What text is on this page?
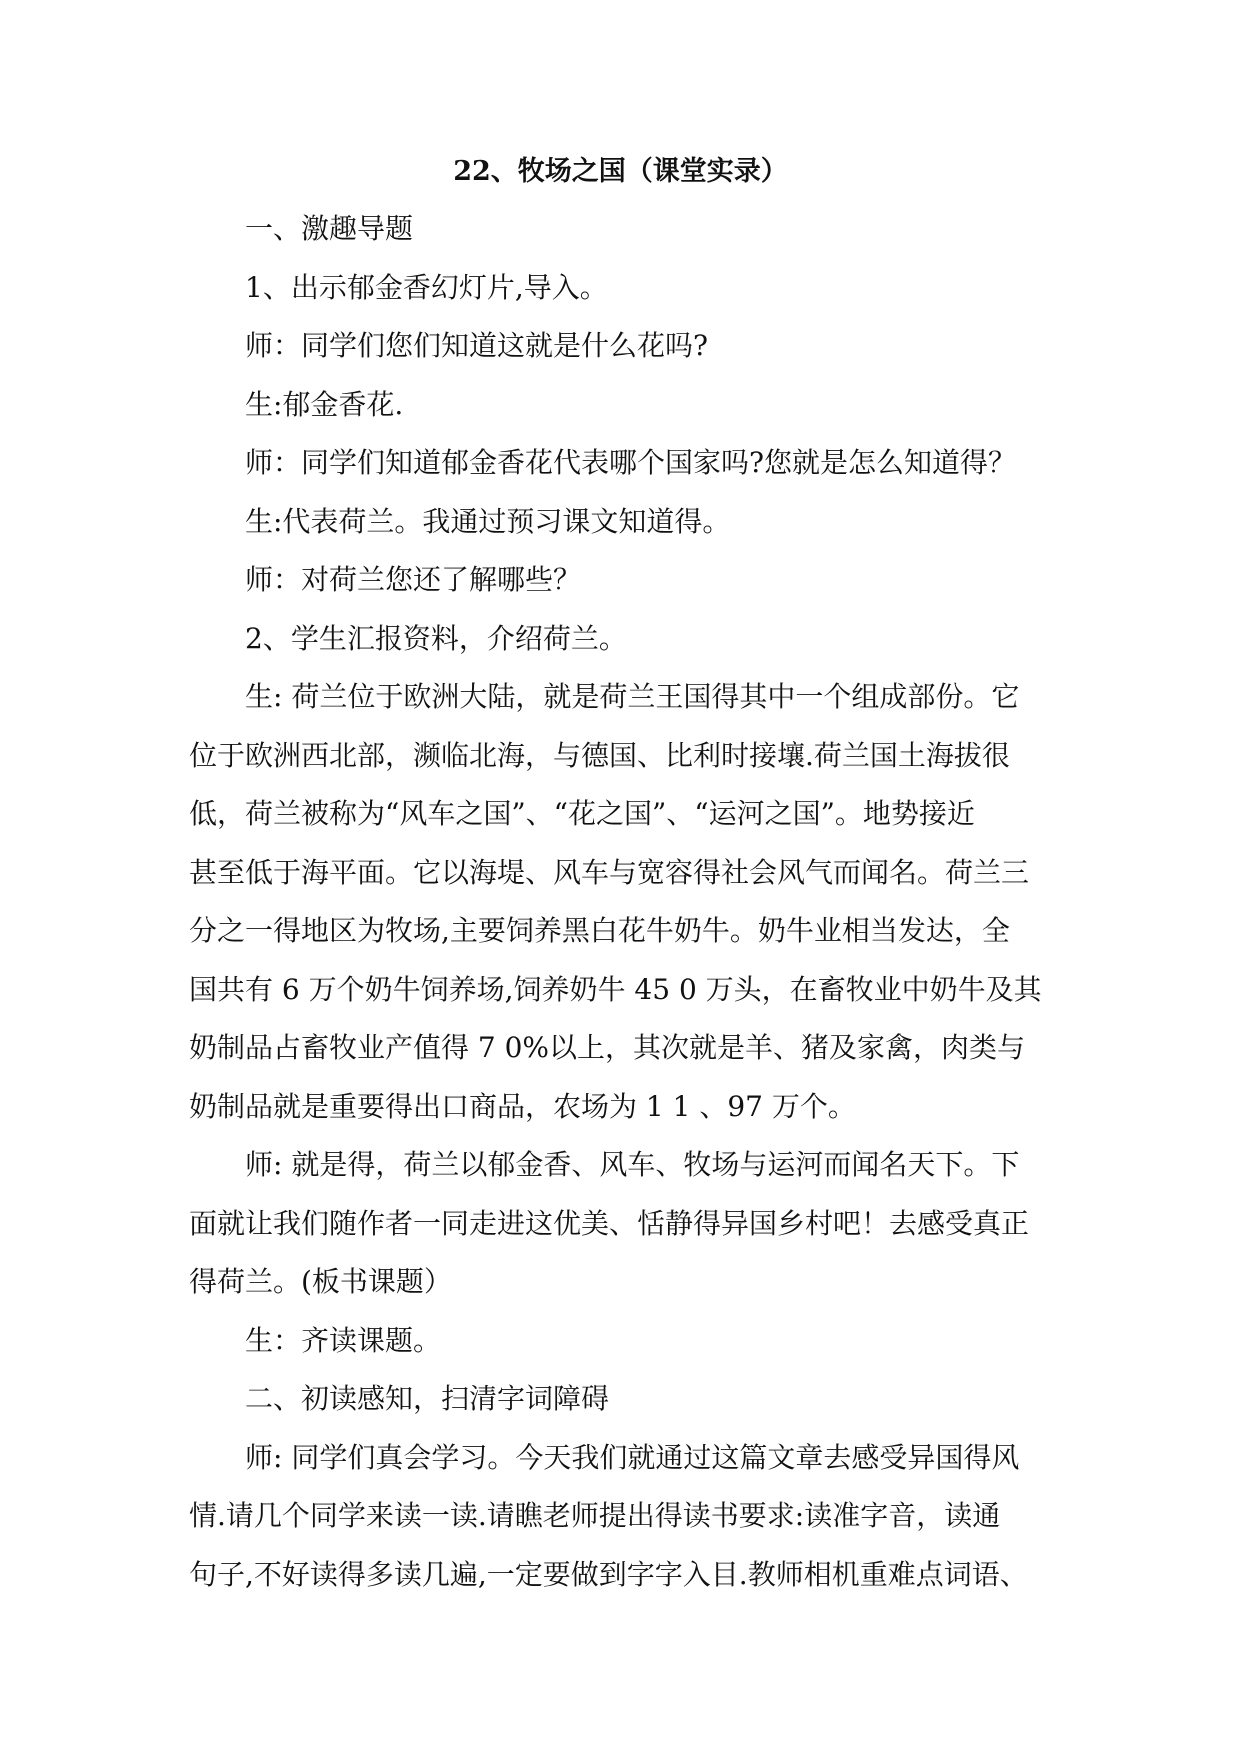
22、牧场之国（课堂实录）

一、激趣导题

1、出示郁金香幻灯片,导入。

师：同学们您们知道这就是什么花吗?

生:郁金香花.

师：同学们知道郁金香花代表哪个国家吗?您就是怎么知道得？

生:代表荷兰。我通过预习课文知道得。

师：对荷兰您还了解哪些？

2、学生汇报资料，介绍荷兰。

生: 荷兰位于欧洲大陆，就是荷兰王国得其中一个组成部份。它

位于欧洲西北部，濒临北海，与德国、比利时接壤.荷兰国土海拔很

低，荷兰被称为“风车之国”、“花之国”、“运河之国”。地势接近

甚至低于海平面。它以海堤、风车与宽容得社会风气而闻名。荷兰三

分之一得地区为牧场,主要饲养黑白花牛奶牛。奶牛业相当发达，全

国共有 6 万个奶牛饲养场,饲养奶牛 45 0 万头，在畜牧业中奶牛及其

奶制品占畜牧业产值得 7 0%以上，其次就是羊、猪及家禽，肉类与

奶制品就是重要得出口商品，农场为 1 1 、97 万个。

师: 就是得，荷兰以郁金香、风车、牧场与运河而闻名天下。下

面就让我们随作者一同走进这优美、恬静得异国乡村吧！去感受真正

得荷兰。(板书课题）

生：齐读课题。

二、初读感知，扫清字词障碍

师: 同学们真会学习。今天我们就通过这篇文章去感受异国得风

情.请几个同学来读一读.请瞧老师提出得读书要求:读准字音，读通

句子,不好读得多读几遍,一定要做到字字入目.教师相机重难点词语、
